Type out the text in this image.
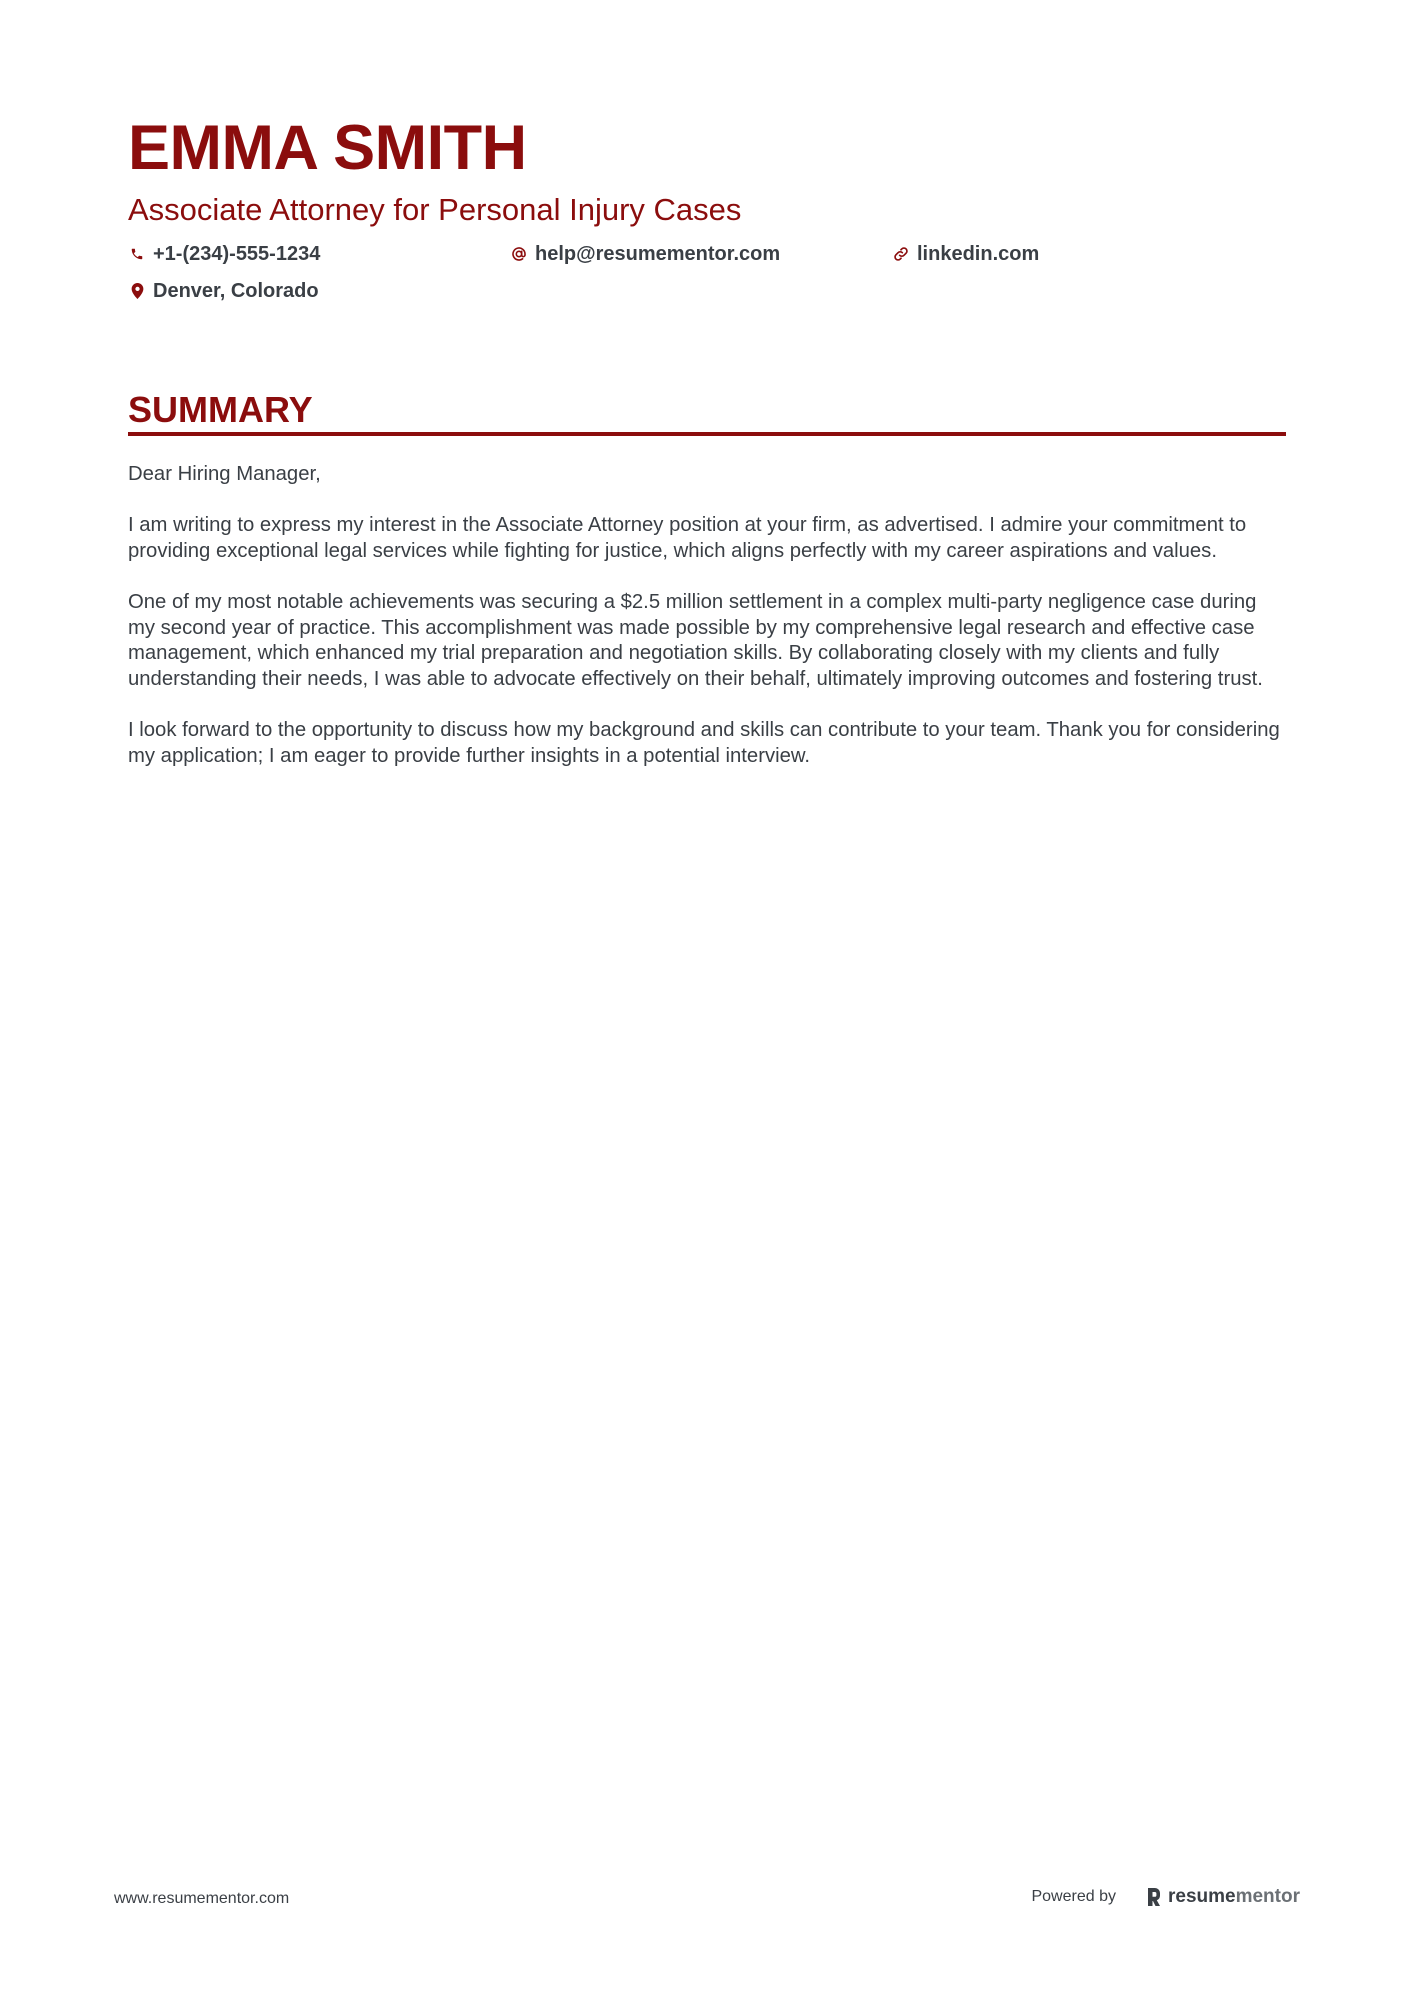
EMMA SMITH
Associate Attorney for Personal Injury Cases
+1-(234)-555-1234	help@resumementor.com	linkedin.com
Denver, Colorado
SUMMARY

Dear Hiring Manager,

I am writing to express my interest in the Associate Attorney position at your firm, as advertised. I admire your commitment to providing exceptional legal services while fighting for justice, which aligns perfectly with my career aspirations and values.

One of my most notable achievements was securing a $2.5 million settlement in a complex multi-party negligence case during my second year of practice. This accomplishment was made possible by my comprehensive legal research and effective case management, which enhanced my trial preparation and negotiation skills. By collaborating closely with my clients and fully understanding their needs, I was able to advocate effectively on their behalf, ultimately improving outcomes and fostering trust.

I look forward to the opportunity to discuss how my background and skills can contribute to your team. Thank you for considering my application; I am eager to provide further insights in a potential interview.

www.resumementor.com	Powered by	resume mentor
